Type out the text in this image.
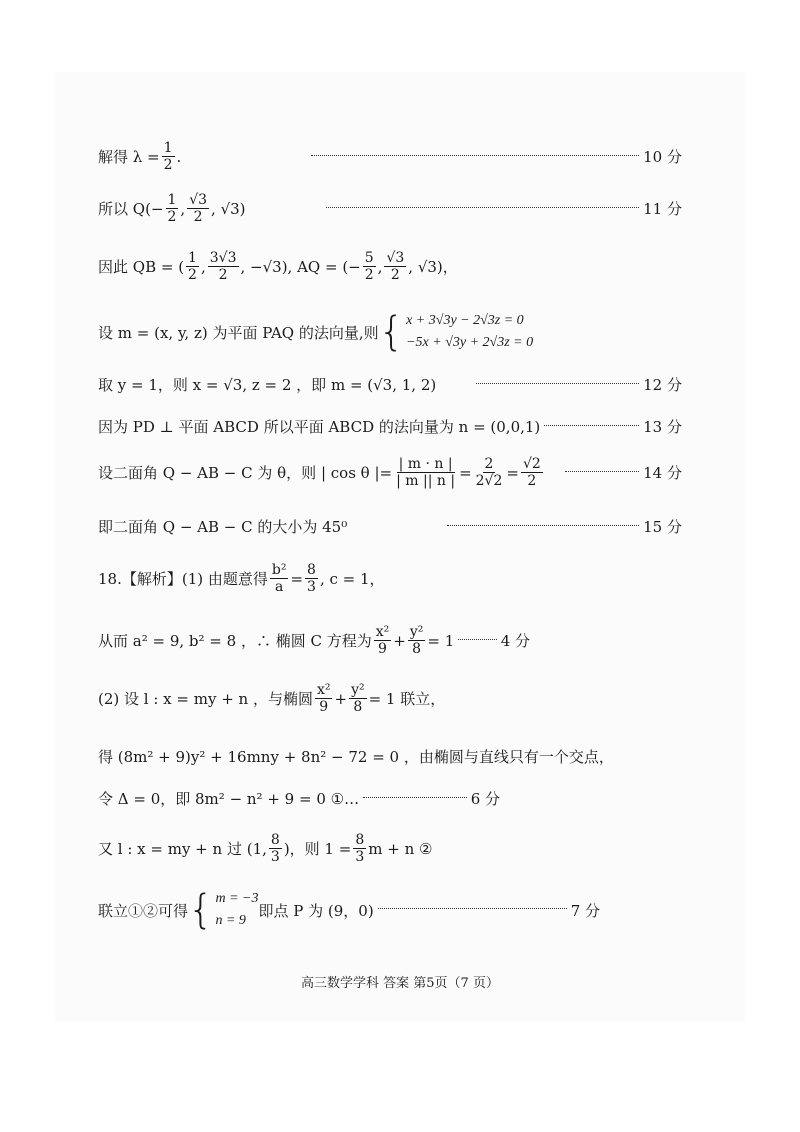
解得 $\lambda = \frac{1}{2}$ .	10 分
所以 $Q(- \frac{1}{2}$ , $\frac{√3}{2}$ , √3)	11 分
因此 QB = ( $\frac{1}{2}$ , $\frac{3√3}{2}$ , −√3), AQ = (− $\frac{5}{2}$ , $\frac{√3}{2}$ , √3)，
设 m = (x, y, z) 为平面 PAQ 的法向量,则 { x + 3√3y − 2√3z = 0
−5x + √3y + 2√3z = 0
取 y = 1，则 x = √3, z = 2 ，即 m = (√3, 1, 2)	12 分
因为 PD ⊥ 平面 ABCD 所以平面 ABCD 的法向量为 n = (0,0,1)	13 分
设二面角 Q − AB − C 为 θ，则 | cos θ |= $\frac{| m \cdot n |}{| m || n |} = \frac{2}{2√2} = \frac{√2}{2}$	14 分
即二面角 Q − AB − C 的大小为 45⁰	15 分
18.【解析】(1) 由题意得 $\frac{\text{b²}}{a} = \frac{8}{3}$ , c = 1，
从而 a² = 9, b² = 8 ，∴ 椭圆 C 方程为 $\frac{\text{x²}}{9} + \frac{\text{y²}}{8} = 1$	4 分
(2) 设 l : x = my + n ，与椭圆 $\frac{\text{x²}}{9} + \frac{\text{y²}}{8} = 1$ 联立，
得 (8m² + 9)y² + 16mny + 8n² − 72 = 0 ，由椭圆与直线只有一个交点，
令 Δ = 0，即 8m² − n² + 9 = 0 ①…	6 分
又 l : x = my + n 过 (1, $\frac{8}{3}$ )，则 $1 = \frac{8}{3}$ m + n ②
联立①②可得 { m = −3
n = 9
即点 P 为 (9，0)	7 分
高三数学学科 答案 第5页（7 页）
